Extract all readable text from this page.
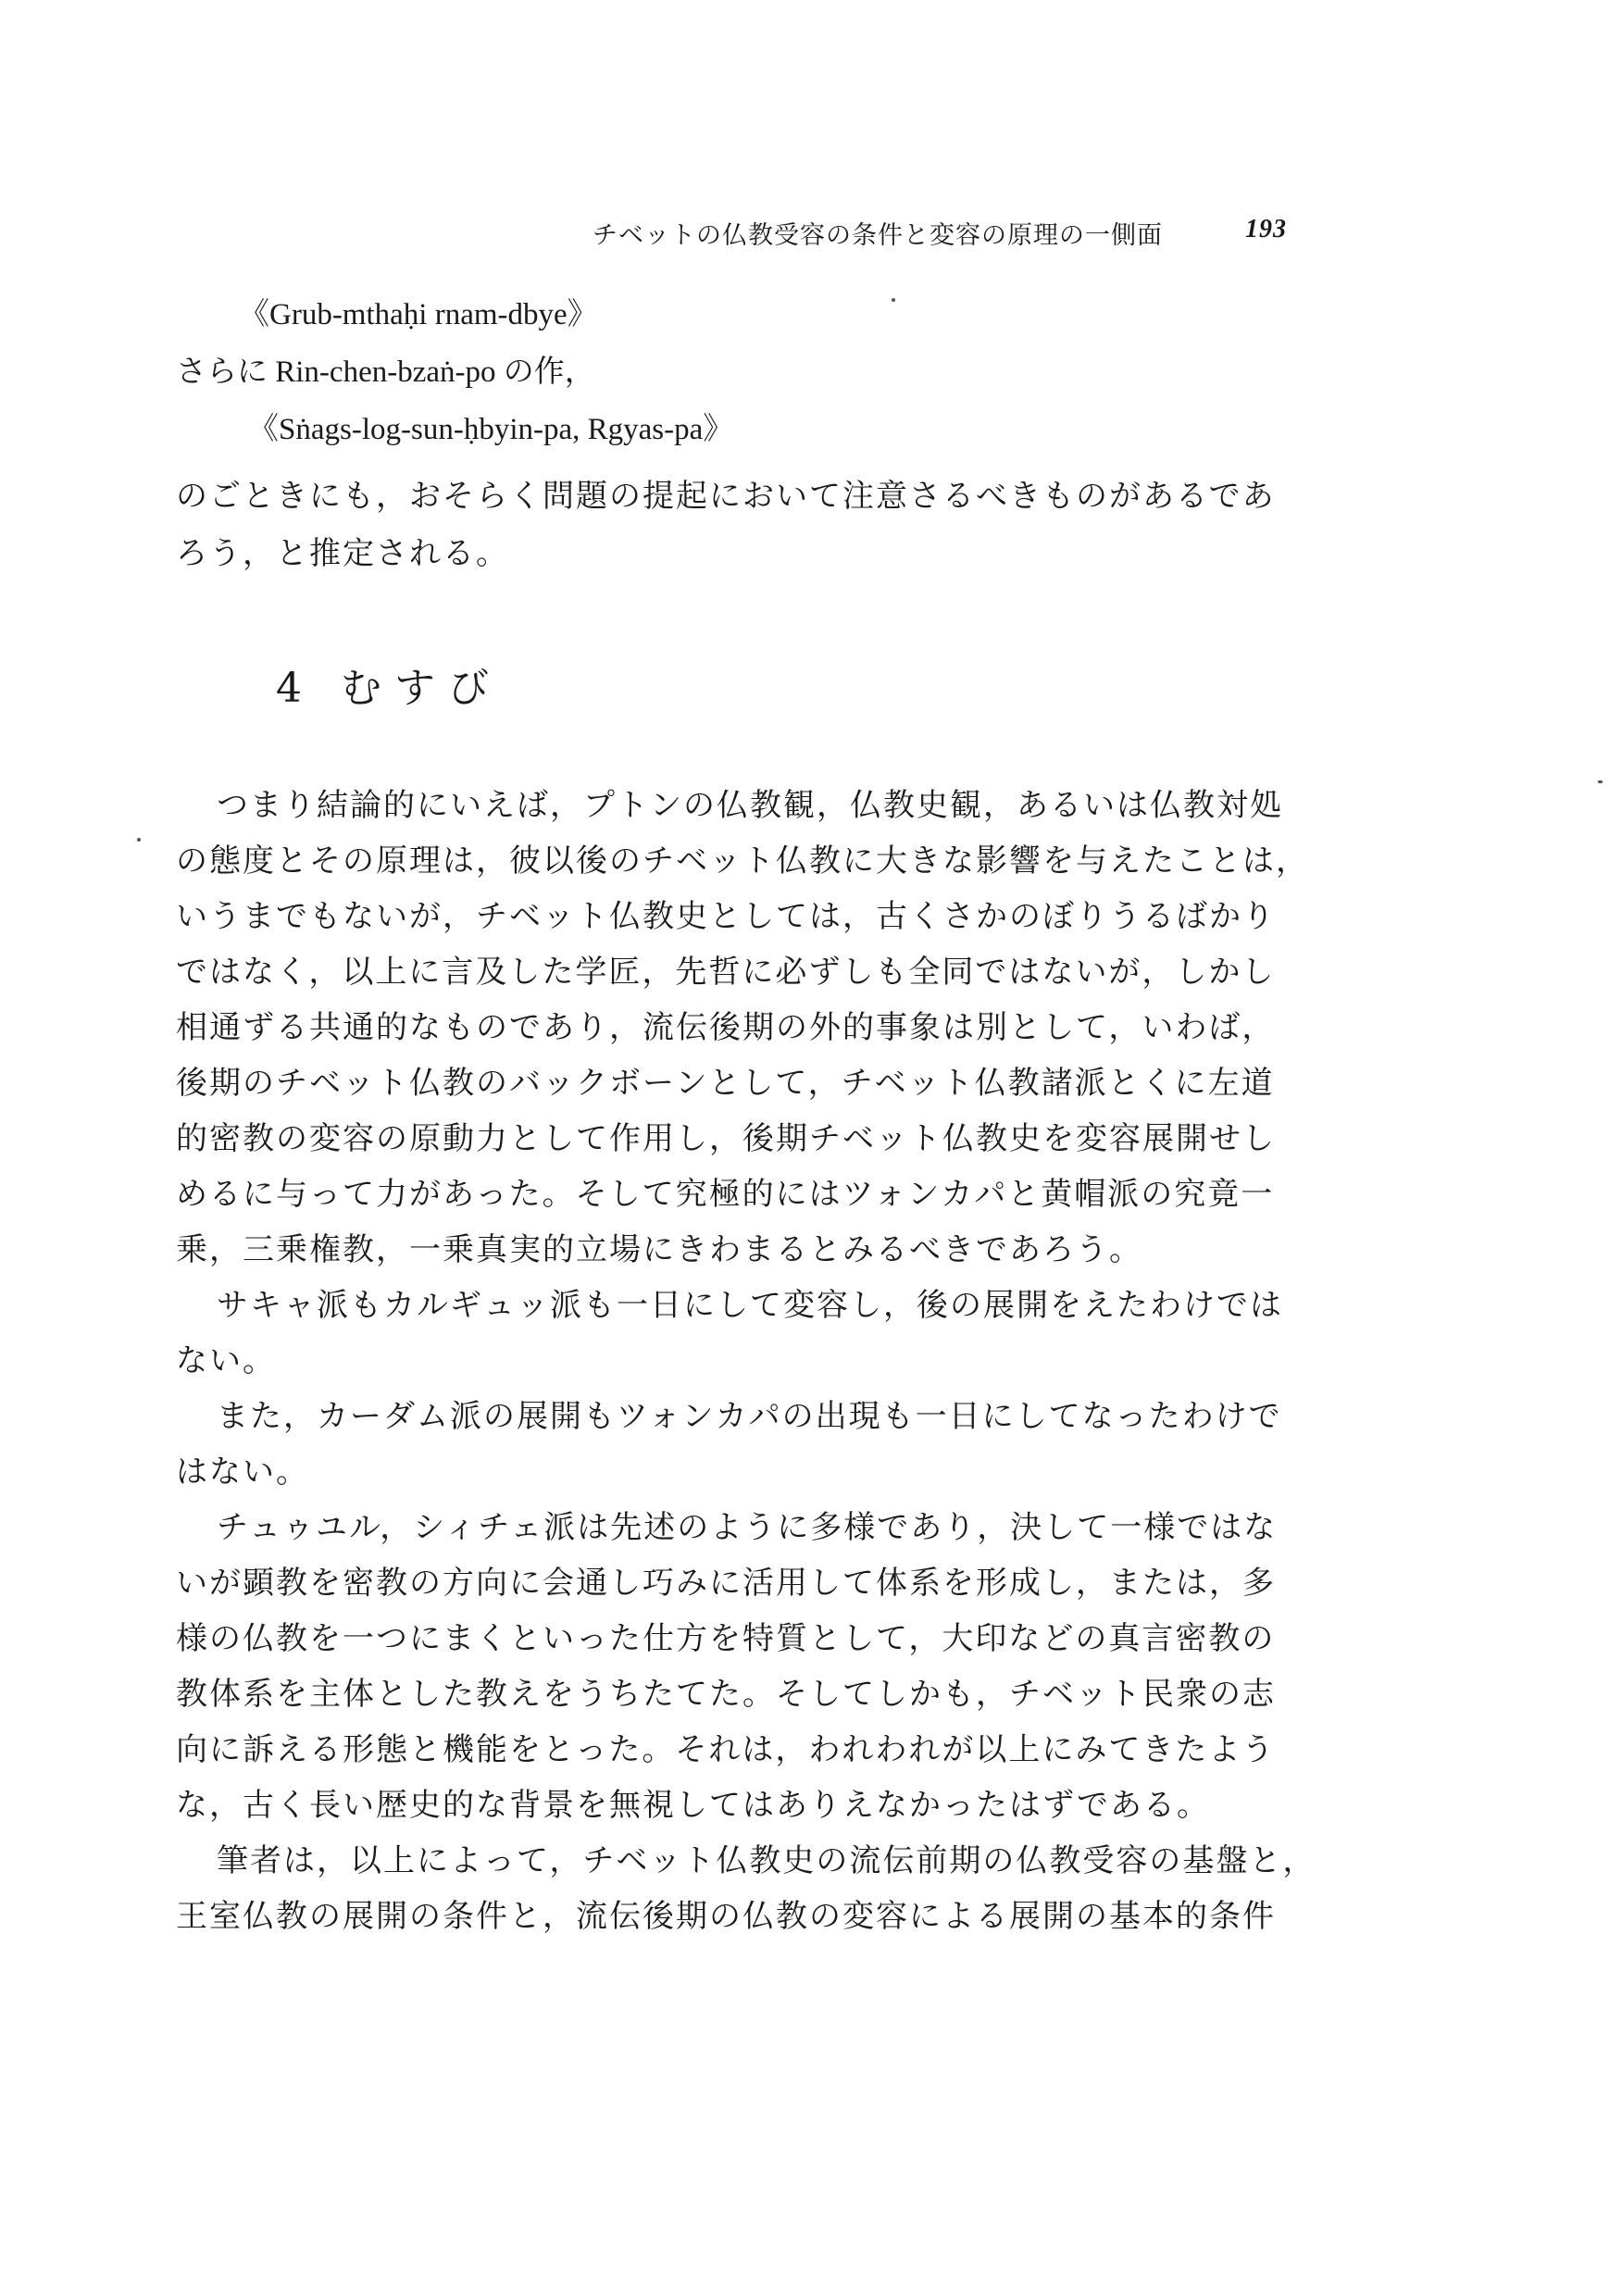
チベットの仏教受容の条件と変容の原理の一側面	193
《Grub-mthaḥi rnam-dbye》
さらに Rin-chen-bzaṅ-po の作，
《Sṅags-log-sun-ḥbyin-pa, Rgyas-pa》
のごときにも，おそらく問題の提起において注意さるべきものがあるであ
ろう，と推定される。
4 むすび
つまり結論的にいえば，プトンの仏教観，仏教史観，あるいは仏教対処
の態度とその原理は，彼以後のチベット仏教に大きな影響を与えたことは，
いうまでもないが，チベット仏教史としては，古くさかのぼりうるばかり
ではなく，以上に言及した学匠，先哲に必ずしも全同ではないが，しかし
相通ずる共通的なものであり，流伝後期の外的事象は別として，いわば，
後期のチベット仏教のバックボーンとして，チベット仏教諸派とくに左道
的密教の変容の原動力として作用し，後期チベット仏教史を変容展開せし
めるに与って力があった。そして究極的にはツォンカパと黄帽派の究竟一
乗，三乗権教，一乗真実的立場にきわまるとみるべきであろう。
サキャ派もカルギュッ派も一日にして変容し，後の展開をえたわけでは
ない。
また，カーダム派の展開もツォンカパの出現も一日にしてなったわけで
はない。
チュゥユル，シィチェ派は先述のように多様であり，決して一様ではな
いが顕教を密教の方向に会通し巧みに活用して体系を形成し，または，多
様の仏教を一つにまくといった仕方を特質として，大印などの真言密教の
教体系を主体とした教えをうちたてた。そしてしかも，チベット民衆の志
向に訴える形態と機能をとった。それは，われわれが以上にみてきたよう
な，古く長い歴史的な背景を無視してはありえなかったはずである。
筆者は，以上によって，チベット仏教史の流伝前期の仏教受容の基盤と，
王室仏教の展開の条件と，流伝後期の仏教の変容による展開の基本的条件
